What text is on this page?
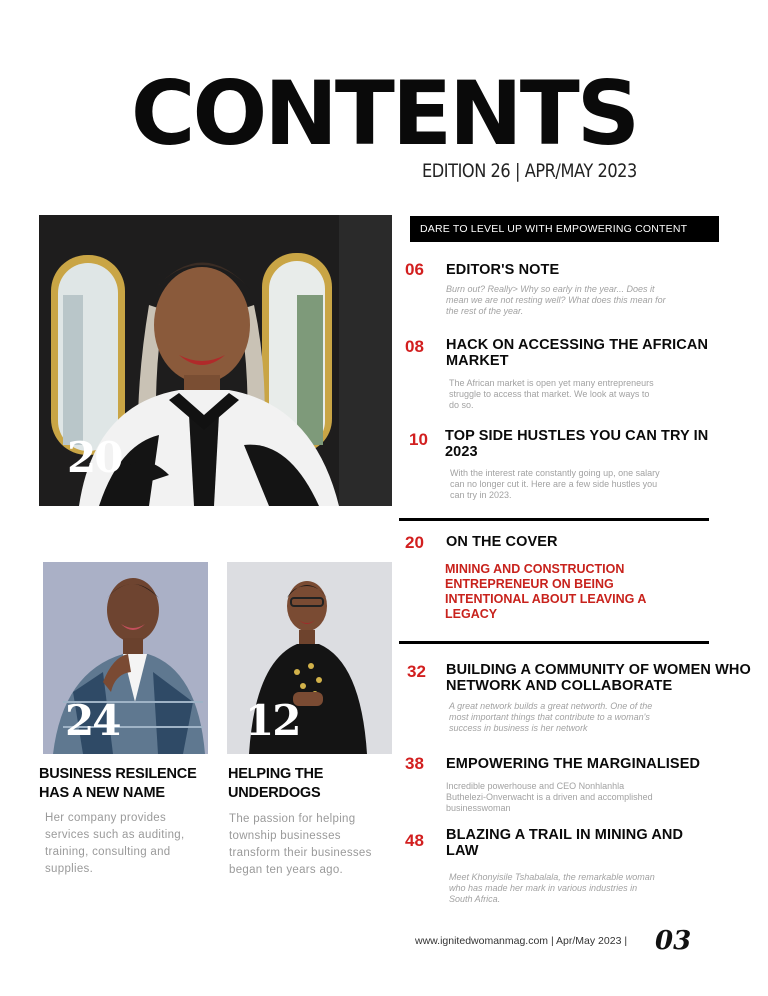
CONTENTS
EDITION 26 | APR/MAY 2023
20
24	12
BUSINESS RESILENCE HAS A NEW NAME
Her company provides services such as auditing, training, consulting and supplies.
HELPING THE UNDERDOGS
The passion for helping township businesses transform their businesses began ten years ago.
DARE TO LEVEL UP WITH EMPOWERING CONTENT
06 EDITOR'S NOTE
Burn out? Really> Why so early in the year... Does it mean we are not resting well? What does this mean for the rest of the year.
08 HACK ON ACCESSING THE AFRICAN MARKET
The African market is open yet many entrepreneurs struggle to access that market. We look at ways to do so.
10 TOP SIDE HUSTLES YOU CAN TRY IN 2023
With the interest rate constantly going up, one salary can no longer cut it. Here are a few side hustles you can try in 2023.
20 ON THE COVER
MINING AND CONSTRUCTION ENTREPRENEUR ON BEING INTENTIONAL ABOUT LEAVING A LEGACY
32 BUILDING A COMMUNITY OF WOMEN WHO NETWORK AND COLLABORATE
A great network builds a great networth. One of the most important things that contribute to a woman's success in business is her network
38 EMPOWERING THE MARGINALISED
Incredible powerhouse and CEO Nonhlanhla Buthelezi-Onverwacht is a driven and accomplished businesswoman
48 BLAZING A TRAIL IN MINING AND LAW
Meet Khonyisile Tshabalala, the remarkable woman who has made her mark in various industries in South Africa.
www.ignitedwomanmag.com | Apr/May 2023 | 03
